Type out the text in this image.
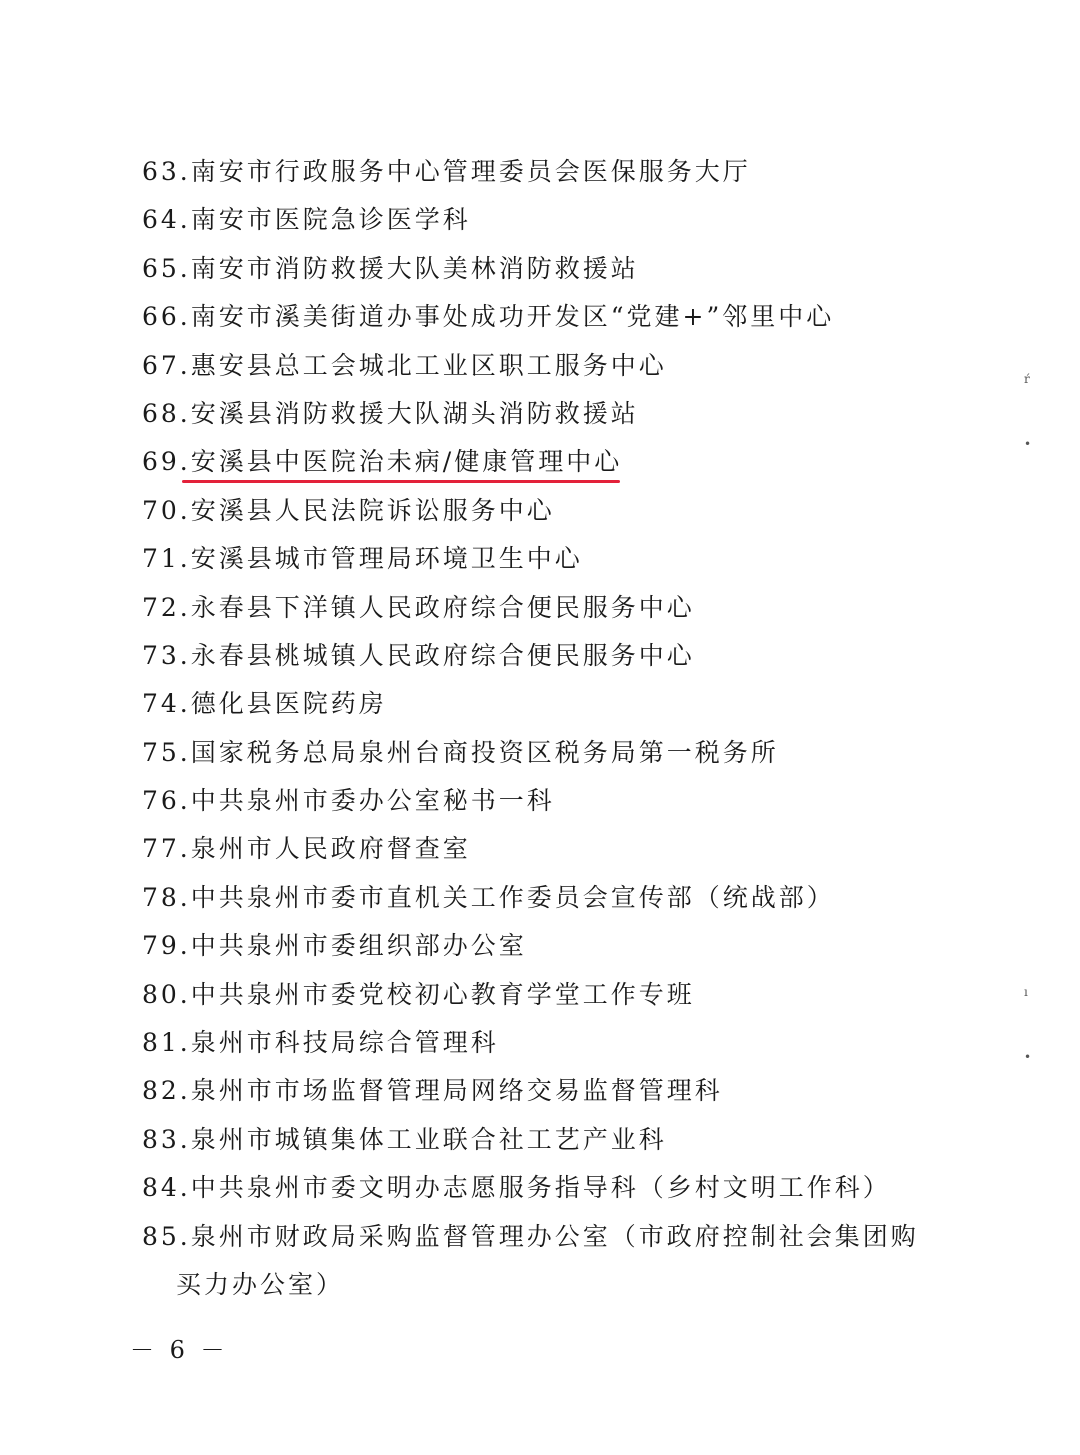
63.南安市行政服务中心管理委员会医保服务大厅
64.南安市医院急诊医学科
65.南安市消防救援大队美林消防救援站
66.南安市溪美街道办事处成功开发区“党建+”邻里中心
67.惠安县总工会城北工业区职工服务中心
68.安溪县消防救援大队湖头消防救援站
69.安溪县中医院治未病/健康管理中心
70.安溪县人民法院诉讼服务中心
71.安溪县城市管理局环境卫生中心
72.永春县下洋镇人民政府综合便民服务中心
73.永春县桃城镇人民政府综合便民服务中心
74.德化县医院药房
75.国家税务总局泉州台商投资区税务局第一税务所
76.中共泉州市委办公室秘书一科
77.泉州市人民政府督查室
78.中共泉州市委市直机关工作委员会宣传部（统战部）
79.中共泉州市委组织部办公室
80.中共泉州市委党校初心教育学堂工作专班
81.泉州市科技局综合管理科
82.泉州市市场监督管理局网络交易监督管理科
83.泉州市城镇集体工业联合社工艺产业科
84.中共泉州市委文明办志愿服务指导科（乡村文明工作科）
85.泉州市财政局采购监督管理办公室（市政府控制社会集团购
买力办公室）
－ 6 －
ŕ
•
ı
•
